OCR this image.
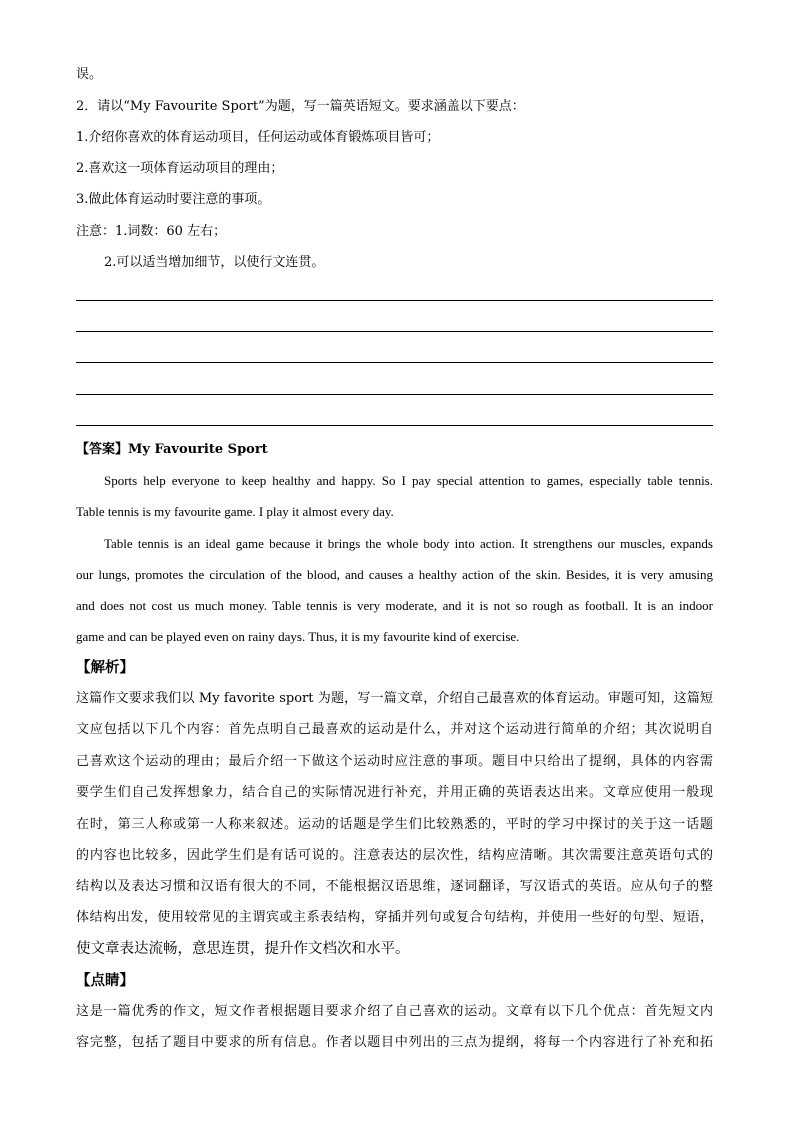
误。
2．请以“My Favourite Sport”为题，写一篇英语短文。要求涵盖以下要点：
1.介绍你喜欢的体育运动项目，任何运动或体育锻炼项目皆可；
2.喜欢这一项体育运动项目的理由；
3.做此体育运动时要注意的事项。
注意：1.词数：60 左右；
2.可以适当增加细节，以使行文连贯。
【答案】My Favourite Sport
Sports help everyone to keep healthy and happy. So I pay special attention to games, especially table tennis.
Table tennis is my favourite game. I play it almost every day.
Table tennis is an ideal game because it brings the whole body into action. It strengthens our muscles, expands
our lungs, promotes the circulation of the blood, and causes a healthy action of the skin. Besides, it is very amusing
and does not cost us much money. Table tennis is very moderate, and it is not so rough as football. It is an indoor
game and can be played even on rainy days. Thus, it is my favourite kind of exercise.
【解析】
这篇作文要求我们以 My favorite sport 为题，写一篇文章，介绍自己最喜欢的体育运动。审题可知，这篇短
文应包括以下几个内容：首先点明自己最喜欢的运动是什么，并对这个运动进行简单的介绍；其次说明自
己喜欢这个运动的理由；最后介绍一下做这个运动时应注意的事项。题目中只给出了提纲，具体的内容需
要学生们自己发挥想象力，结合自己的实际情况进行补充，并用正确的英语表达出来。文章应使用一般现
在时，第三人称或第一人称来叙述。运动的话题是学生们比较熟悉的，平时的学习中探讨的关于这一话题
的内容也比较多，因此学生们是有话可说的。注意表达的层次性，结构应清晰。其次需要注意英语句式的
结构以及表达习惯和汉语有很大的不同，不能根据汉语思维，逐词翻译，写汉语式的英语。应从句子的整
体结构出发，使用较常见的主谓宾或主系表结构，穿插并列句或复合句结构，并使用一些好的句型、短语，
使文章表达流畅，意思连贯，提升作文档次和水平。
【点睛】
这是一篇优秀的作文，短文作者根据题目要求介绍了自己喜欢的运动。文章有以下几个优点：首先短文内
容完整，包括了题目中要求的所有信息。作者以题目中列出的三点为提纲，将每一个内容进行了补充和拓
